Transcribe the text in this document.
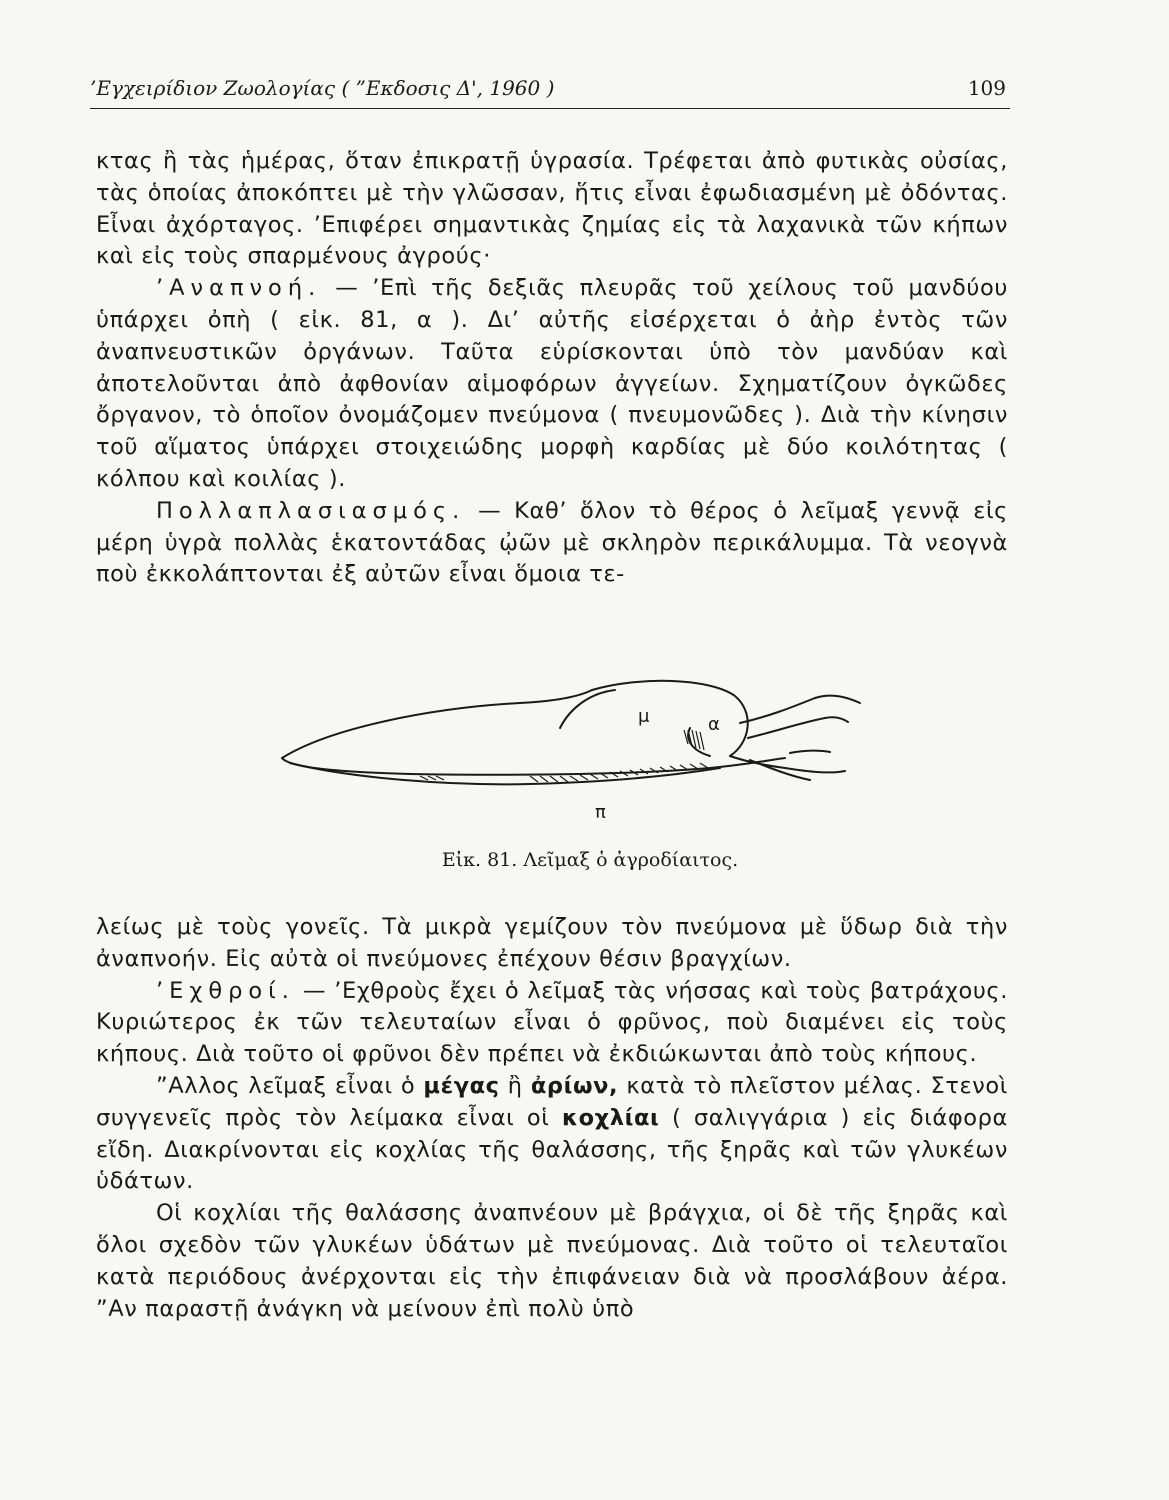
’Εγχειρίδιον Ζωολογίας ( ”Εκδοσις Δ', 1960 )	109

κτας ἢ τὰς ἡμέρας, ὅταν ἐπικρατῇ ὑγρασία. Τρέφεται ἀπὸ φυτικὰς οὐσίας, τὰς ὁποίας ἀποκόπτει μὲ τὴν γλῶσσαν, ἥτις εἶναι ἐφωδιασμένη μὲ ὀδόντας. Εἶναι ἀχόρταγος. ’Επιφέρει σημαντικὰς ζημίας εἰς τὰ λαχανικὰ τῶν κήπων καὶ εἰς τοὺς σπαρμένους ἀγρούς·

’Αναπνοή. — ’Επὶ τῆς δεξιᾶς πλευρᾶς τοῦ χείλους τοῦ μανδύου ὑπάρχει ὀπὴ ( εἰκ. 81, α ). Δι’ αὐτῆς εἰσέρχεται ὁ ἀὴρ ἐντὸς τῶν ἀναπνευστικῶν ὀργάνων. Ταῦτα εὑρίσκονται ὑπὸ τὸν μανδύαν καὶ ἀποτελοῦνται ἀπὸ ἀφθονίαν αἱμοφόρων ἀγγείων. Σχηματίζουν ὀγκῶδες ὄργανον, τὸ ὁποῖον ὀνομάζομεν πνεύμονα ( πνευμονῶδες ). Διὰ τὴν κίνησιν τοῦ αἵματος ὑπάρχει στοιχειώδης μορφὴ καρδίας μὲ δύο κοιλότητας ( κόλπου καὶ κοιλίας ).

Πολλαπλασιασμός. — Καθ’ ὅλον τὸ θέρος ὁ λεῖμαξ γεννᾷ εἰς μέρη ὑγρὰ πολλὰς ἑκατοντάδας ᾠῶν μὲ σκληρὸν περικάλυμμα. Τὰ νεογνὰ ποὺ ἐκκολάπτονται ἐξ αὐτῶν εἶναι ὅμοια τε-

μ	α
π
Εἰκ. 81. Λεῖμαξ ὁ ἀγροδίαιτος.

λείως μὲ τοὺς γονεῖς. Τὰ μικρὰ γεμίζουν τὸν πνεύμονα μὲ ὕδωρ διὰ τὴν ἀναπνοήν. Εἰς αὐτὰ οἱ πνεύμονες ἐπέχουν θέσιν βραγχίων.

’Εχθροί. — ’Εχθροὺς ἔχει ὁ λεῖμαξ τὰς νήσσας καὶ τοὺς βατράχους. Κυριώτερος ἐκ τῶν τελευταίων εἶναι ὁ φρῦνος, ποὺ διαμένει εἰς τοὺς κήπους. Διὰ τοῦτο οἱ φρῦνοι δὲν πρέπει νὰ ἐκδιώκωνται ἀπὸ τοὺς κήπους.

”Αλλος λεῖμαξ εἶναι ὁ μέγας ἢ ἀρίων, κατὰ τὸ πλεῖστον μέλας. Στενοὶ συγγενεῖς πρὸς τὸν λείμακα εἶναι οἱ κοχλίαι ( σαλιγγάρια ) εἰς διάφορα εἴδη. Διακρίνονται εἰς κοχλίας τῆς θαλάσσης, τῆς ξηρᾶς καὶ τῶν γλυκέων ὑδάτων.

Οἱ κοχλίαι τῆς θαλάσσης ἀναπνέουν μὲ βράγχια, οἱ δὲ τῆς ξηρᾶς καὶ ὅλοι σχεδὸν τῶν γλυκέων ὑδάτων μὲ πνεύμονας. Διὰ τοῦτο οἱ τελευταῖοι κατὰ περιόδους ἀνέρχονται εἰς τὴν ἐπιφάνειαν διὰ νὰ προσλάβουν ἀέρα. ”Αν παραστῇ ἀνάγκη νὰ μείνουν ἐπὶ πολὺ ὑπὸ
